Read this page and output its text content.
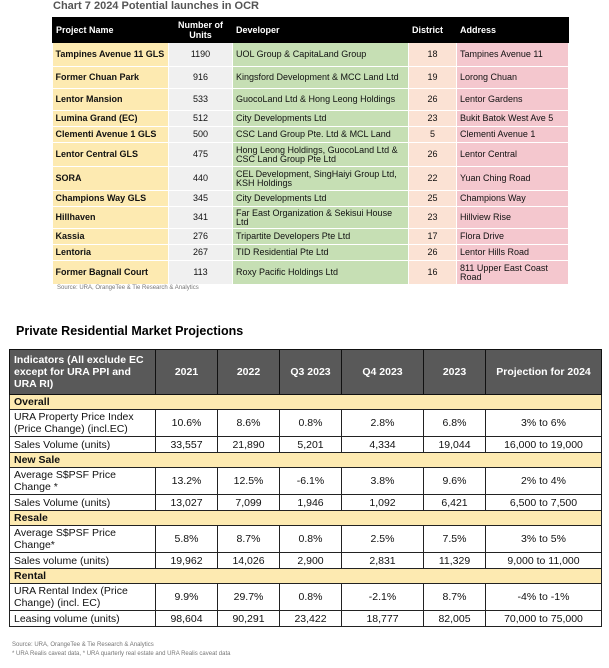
Chart 7 2024 Potential launches in OCR
Project Name	Number of Units	Developer	District	Address
Tampines Avenue 11 GLS	1190	UOL Group & CapitaLand Group	18	Tampines Avenue 11
Former Chuan Park	916	Kingsford Development & MCC Land Ltd	19	Lorong Chuan
Lentor Mansion	533	GuocoLand Ltd & Hong Leong Holdings	26	Lentor Gardens
Lumina Grand (EC)	512	City Developments Ltd	23	Bukit Batok West Ave 5
Clementi Avenue 1 GLS	500	CSC Land Group Pte. Ltd & MCL Land	5	Clementi Avenue 1
Lentor Central GLS	475	Hong Leong Holdings, GuocoLand Ltd & CSC Land Group Pte Ltd	26	Lentor Central
SORA	440	CEL Development, SingHaiyi Group Ltd, KSH Holdings	22	Yuan Ching Road
Champions Way GLS	345	City Developments Ltd	25	Champions Way
Hillhaven	341	Far East Organization & Sekisui House Ltd	23	Hillview Rise
Kassia	276	Tripartite Developers Pte Ltd	17	Flora Drive
Lentoria	267	TID Residential Pte Ltd	26	Lentor Hills Road
Former Bagnall Court	113	Roxy Pacific Holdings Ltd	16	811 Upper East Coast Road
Source: URA, OrangeTee & Tie Research & Analytics
Private Residential Market Projections
Indicators (All exclude EC except for URA PPI and URA RI)	2021	2022	Q3 2023	Q4 2023	2023	Projection for 2024
Overall						
URA Property Price Index (Price Change) (incl.EC)	10.6%	8.6%	0.8%	2.8%	6.8%	3% to 6%
Sales Volume (units)	33,557	21,890	5,201	4,334	19,044	16,000 to 19,000
New Sale						
Average S$PSF Price Change *	13.2%	12.5%	-6.1%	3.8%	9.6%	2% to 4%
Sales Volume (units)	13,027	7,099	1,946	1,092	6,421	6,500 to 7,500
Resale						
Average S$PSF Price Change*	5.8%	8.7%	0.8%	2.5%	7.5%	3% to 5%
Sales volume (units)	19,962	14,026	2,900	2,831	11,329	9,000 to 11,000
Rental						
URA Rental Index (Price Change) (incl. EC)	9.9%	29.7%	0.8%	-2.1%	8.7%	-4% to -1%
Leasing volume (units)	98,604	90,291	23,422	18,777	82,005	70,000 to 75,000
Source: URA, OrangeTee & Tie Research & Analytics
* URA Realis caveat data, * URA quarterly real estate and URA Realis caveat data
